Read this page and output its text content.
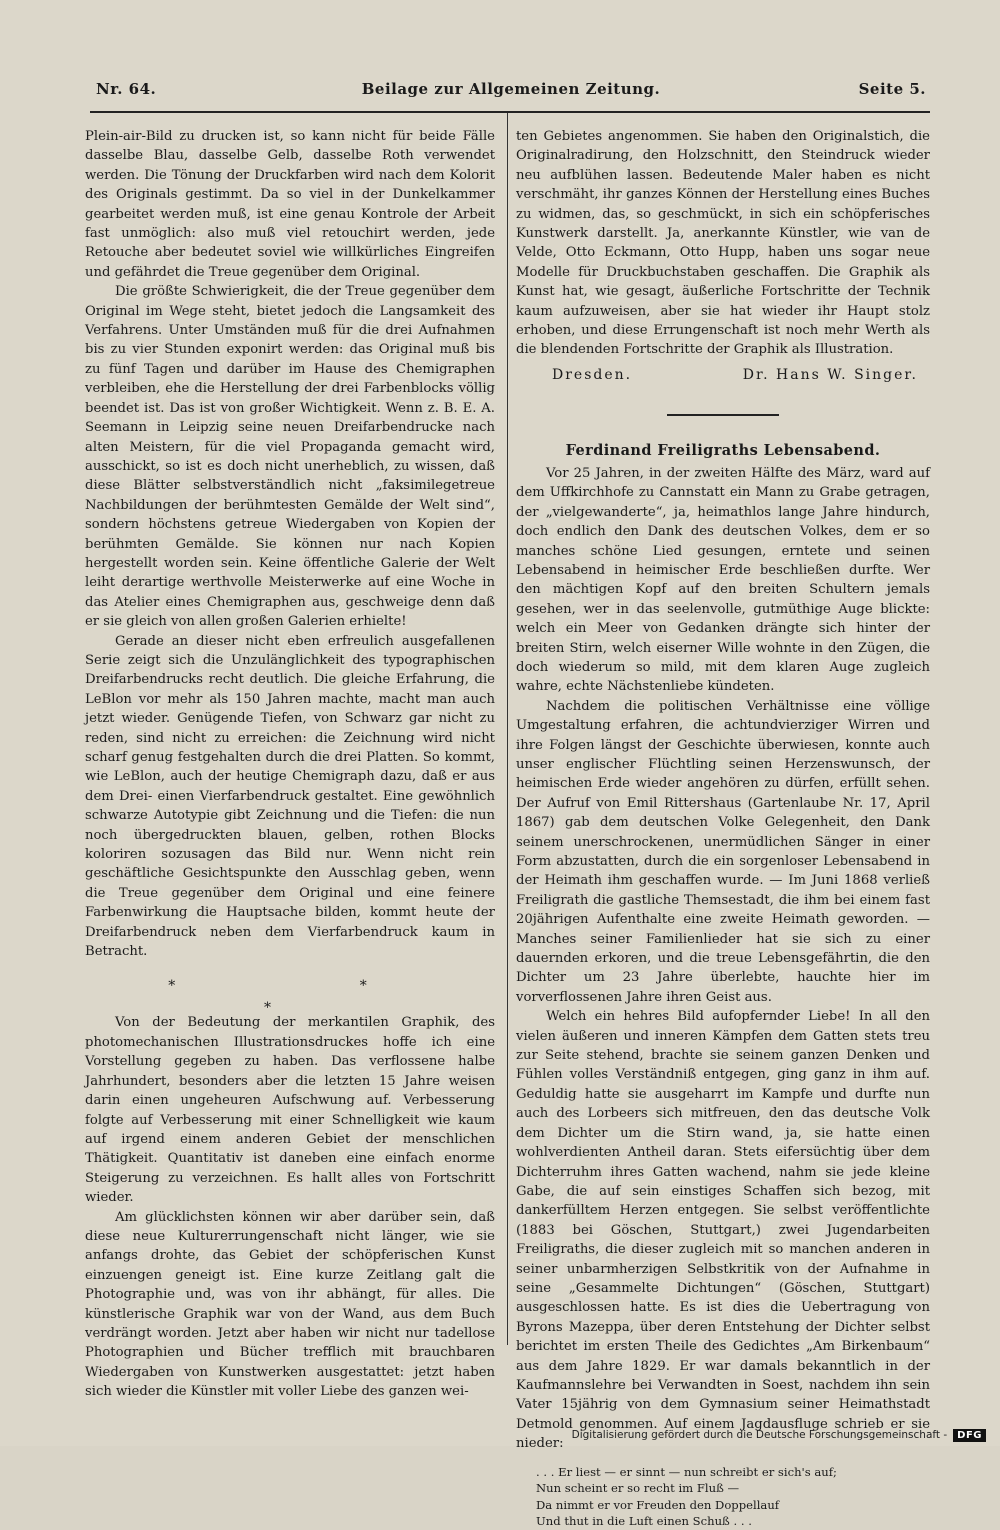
Nr. 64.	Beilage zur Allgemeinen Zeitung.	Seite 5.

Plein-air-Bild zu drucken ist, so kann nicht für beide Fälle dasselbe Blau, dasselbe Gelb, dasselbe Roth verwendet werden. Die Tönung der Druckfarben wird nach dem Kolorit des Originals gestimmt. Da so viel in der Dunkelkammer gearbeitet werden muß, ist eine genau Kontrole der Arbeit fast unmöglich: also muß viel retouchirt werden, jede Retouche aber bedeutet soviel wie willkürliches Eingreifen und gefährdet die Treue gegenüber dem Original.

Die größte Schwierigkeit, die der Treue gegenüber dem Original im Wege steht, bietet jedoch die Langsamkeit des Verfahrens. Unter Umständen muß für die drei Aufnahmen bis zu vier Stunden exponirt werden: das Original muß bis zu fünf Tagen und darüber im Hause des Chemigraphen verbleiben, ehe die Herstellung der drei Farbenblocks völlig beendet ist. Das ist von großer Wichtigkeit. Wenn z. B. E. A. Seemann in Leipzig seine neuen Dreifarbendrucke nach alten Meistern, für die viel Propaganda gemacht wird, ausschickt, so ist es doch nicht unerheblich, zu wissen, daß diese Blätter selbstverständlich nicht „faksimilegetreue Nachbildungen der berühmtesten Gemälde der Welt sind“, sondern höchstens getreue Wiedergaben von Kopien der berühmten Gemälde. Sie können nur nach Kopien hergestellt worden sein. Keine öffentliche Galerie der Welt leiht derartige werthvolle Meisterwerke auf eine Woche in das Atelier eines Chemigraphen aus, geschweige denn daß er sie gleich von allen großen Galerien erhielte!

Gerade an dieser nicht eben erfreulich ausgefallenen Serie zeigt sich die Unzulänglichkeit des typographischen Dreifarbendrucks recht deutlich. Die gleiche Erfahrung, die LeBlon vor mehr als 150 Jahren machte, macht man auch jetzt wieder. Genügende Tiefen, von Schwarz gar nicht zu reden, sind nicht zu erreichen: die Zeichnung wird nicht scharf genug festgehalten durch die drei Platten. So kommt, wie LeBlon, auch der heutige Chemigraph dazu, daß er aus dem Drei- einen Vierfarbendruck gestaltet. Eine gewöhnlich schwarze Autotypie gibt Zeichnung und die Tiefen: die nun noch übergedruckten blauen, gelben, rothen Blocks koloriren sozusagen das Bild nur. Wenn nicht rein geschäftliche Gesichtspunkte den Ausschlag geben, wenn die Treue gegenüber dem Original und eine feinere Farbenwirkung die Hauptsache bilden, kommt heute der Dreifarbendruck neben dem Vierfarbendruck kaum in Betracht.

* * *

Von der Bedeutung der merkantilen Graphik, des photomechanischen Illustrationsdruckes hoffe ich eine Vorstellung gegeben zu haben. Das verflossene halbe Jahrhundert, besonders aber die letzten 15 Jahre weisen darin einen ungeheuren Aufschwung auf. Verbesserung folgte auf Verbesserung mit einer Schnelligkeit wie kaum auf irgend einem anderen Gebiet der menschlichen Thätigkeit. Quantitativ ist daneben eine einfach enorme Steigerung zu verzeichnen. Es hallt alles von Fortschritt wieder.

Am glücklichsten können wir aber darüber sein, daß diese neue Kulturerrungenschaft nicht länger, wie sie anfangs drohte, das Gebiet der schöpferischen Kunst einzuengen geneigt ist. Eine kurze Zeitlang galt die Photographie und, was von ihr abhängt, für alles. Die künstlerische Graphik war von der Wand, aus dem Buch verdrängt worden. Jetzt aber haben wir nicht nur tadellose Photographien und Bücher trefflich mit brauchbaren Wiedergaben von Kunstwerken ausgestattet: jetzt haben sich wieder die Künstler mit voller Liebe des ganzen wei-

ten Gebietes angenommen. Sie haben den Originalstich, die Originalradirung, den Holzschnitt, den Steindruck wieder neu aufblühen lassen. Bedeutende Maler haben es nicht verschmäht, ihr ganzes Können der Herstellung eines Buches zu widmen, das, so geschmückt, in sich ein schöpferisches Kunstwerk darstellt. Ja, anerkannte Künstler, wie van de Velde, Otto Eckmann, Otto Hupp, haben uns sogar neue Modelle für Druckbuchstaben geschaffen. Die Graphik als Kunst hat, wie gesagt, äußerliche Fortschritte der Technik kaum aufzuweisen, aber sie hat wieder ihr Haupt stolz erhoben, und diese Errungenschaft ist noch mehr Werth als die blendenden Fortschritte der Graphik als Illustration.

Dresden.	Dr. Hans W. Singer.
Ferdinand Freiligraths Lebensabend.

Vor 25 Jahren, in der zweiten Hälfte des März, ward auf dem Uffkirchhofe zu Cannstatt ein Mann zu Grabe getragen, der „vielgewanderte“, ja, heimathlos lange Jahre hindurch, doch endlich den Dank des deutschen Volkes, dem er so manches schöne Lied gesungen, erntete und seinen Lebensabend in heimischer Erde beschließen durfte. Wer den mächtigen Kopf auf den breiten Schultern jemals gesehen, wer in das seelenvolle, gutmüthige Auge blickte: welch ein Meer von Gedanken drängte sich hinter der breiten Stirn, welch eiserner Wille wohnte in den Zügen, die doch wiederum so mild, mit dem klaren Auge zugleich wahre, echte Nächstenliebe kündeten.

Nachdem die politischen Verhältnisse eine völlige Umgestaltung erfahren, die achtundvierziger Wirren und ihre Folgen längst der Geschichte überwiesen, konnte auch unser englischer Flüchtling seinen Herzenswunsch, der heimischen Erde wieder angehören zu dürfen, erfüllt sehen. Der Aufruf von Emil Rittershaus (Gartenlaube Nr. 17, April 1867) gab dem deutschen Volke Gelegenheit, den Dank seinem unerschrockenen, unermüdlichen Sänger in einer Form abzustatten, durch die ein sorgenloser Lebensabend in der Heimath ihm geschaffen wurde. — Im Juni 1868 verließ Freiligrath die gastliche Themsestadt, die ihm bei einem fast 20jährigen Aufenthalte eine zweite Heimath geworden. — Manches seiner Familienlieder hat sie sich zu einer dauernden erkoren, und die treue Lebensgefährtin, die den Dichter um 23 Jahre überlebte, hauchte hier im vorverflossenen Jahre ihren Geist aus.

Welch ein hehres Bild aufopfernder Liebe! In all den vielen äußeren und inneren Kämpfen dem Gatten stets treu zur Seite stehend, brachte sie seinem ganzen Denken und Fühlen volles Verständniß entgegen, ging ganz in ihm auf. Geduldig hatte sie ausgeharrt im Kampfe und durfte nun auch des Lorbeers sich mitfreuen, den das deutsche Volk dem Dichter um die Stirn wand, ja, sie hatte einen wohlverdienten Antheil daran. Stets eifersüchtig über dem Dichterruhm ihres Gatten wachend, nahm sie jede kleine Gabe, die auf sein einstiges Schaffen sich bezog, mit dankerfülltem Herzen entgegen. Sie selbst veröffentlichte (1883 bei Göschen, Stuttgart,) zwei Jugendarbeiten Freiligraths, die dieser zugleich mit so manchen anderen in seiner unbarmherzigen Selbstkritik von der Aufnahme in seine „Gesammelte Dichtungen“ (Göschen, Stuttgart) ausgeschlossen hatte. Es ist dies die Uebertragung von Byrons Mazeppa, über deren Entstehung der Dichter selbst berichtet im ersten Theile des Gedichtes „Am Birkenbaum“ aus dem Jahre 1829. Er war damals bekanntlich in der Kaufmannslehre bei Verwandten in Soest, nachdem ihn sein Vater 15jährig von dem Gymnasium seiner Heimathstadt Detmold genommen. Auf einem Jagdausfluge schrieb er sie nieder:

. . . Er liest — er sinnt — nun schreibt er sich's auf;
Nun scheint er so recht im Fluß —
Da nimmt er vor Freuden den Doppellauf
Und thut in die Luft einen Schuß . . .
Digitalisierung gefördert durch die Deutsche Forschungsgemeinschaft -	DFG
